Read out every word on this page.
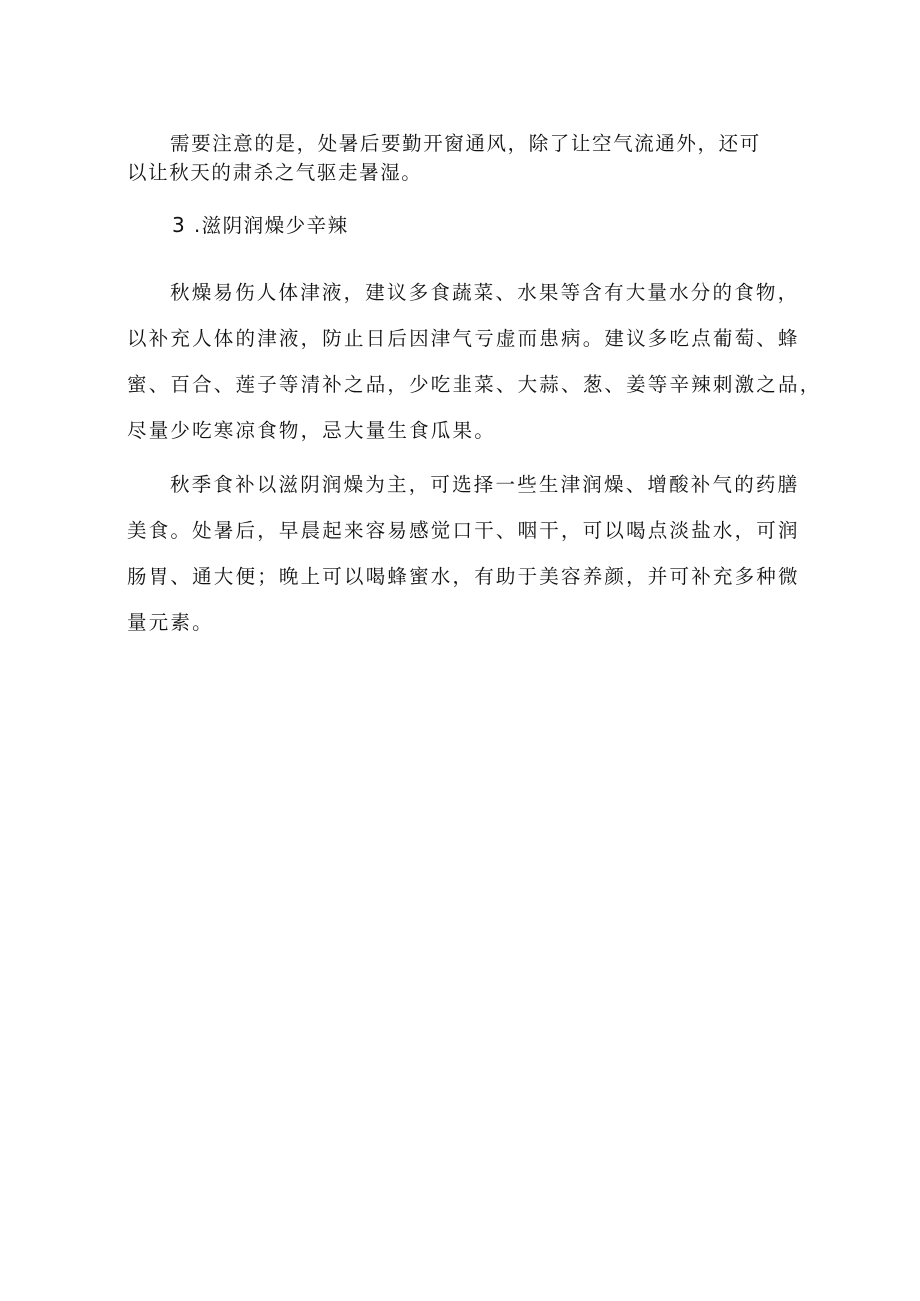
需要注意的是，处暑后要勤开窗通风，除了让空气流通外，还可
以让秋天的肃杀之气驱走暑湿。
3 .滋阴润燥少辛辣
秋燥易伤人体津液，建议多食蔬菜、水果等含有大量水分的食物，
以补充人体的津液，防止日后因津气亏虚而患病。建议多吃点葡萄、蜂
蜜、百合、莲子等清补之品，少吃韭菜、大蒜、葱、姜等辛辣刺激之品，
尽量少吃寒凉食物，忌大量生食瓜果。
秋季食补以滋阴润燥为主，可选择一些生津润燥、增酸补气的药膳
美食。处暑后，早晨起来容易感觉口干、咽干，可以喝点淡盐水，可润
肠胃、通大便；晚上可以喝蜂蜜水，有助于美容养颜，并可补充多种微
量元素。
